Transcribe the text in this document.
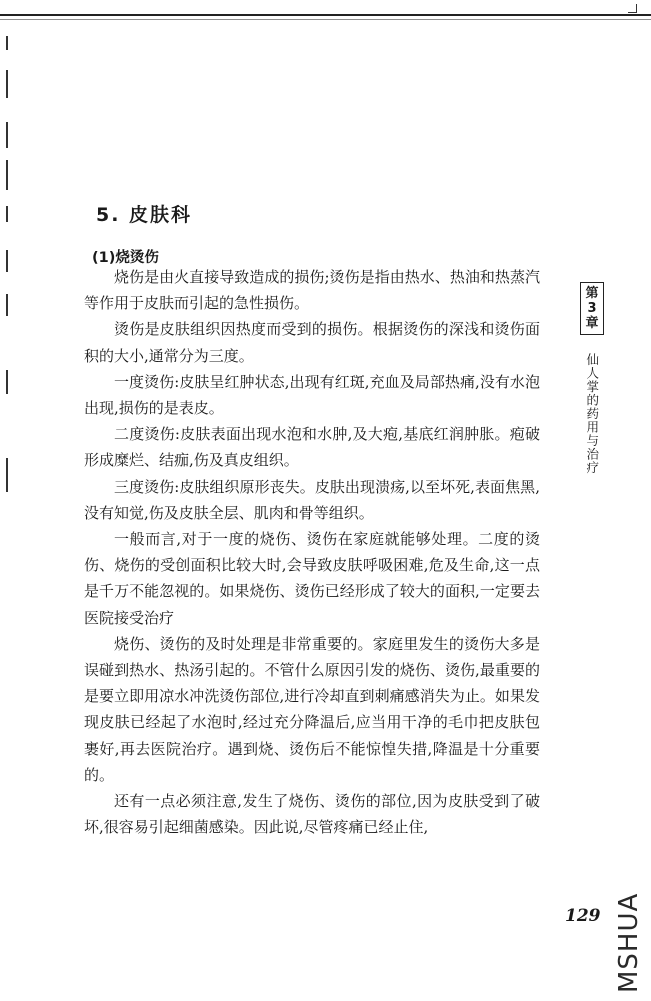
5. 皮肤科
(1)烧烫伤

烧伤是由火直接导致造成的损伤;烫伤是指由热水、热油和热蒸汽等作用于皮肤而引起的急性损伤。

烫伤是皮肤组织因热度而受到的损伤。根据烫伤的深浅和烫伤面积的大小,通常分为三度。

一度烫伤:皮肤呈红肿状态,出现有红斑,充血及局部热痛,没有水泡出现,损伤的是表皮。

二度烫伤:皮肤表面出现水泡和水肿,及大疱,基底红润肿胀。疱破形成糜烂、结痂,伤及真皮组织。

三度烫伤:皮肤组织原形丧失。皮肤出现溃疡,以至坏死,表面焦黑,没有知觉,伤及皮肤全层、肌肉和骨等组织。

一般而言,对于一度的烧伤、烫伤在家庭就能够处理。二度的烫伤、烧伤的受创面积比较大时,会导致皮肤呼吸困难,危及生命,这一点是千万不能忽视的。如果烧伤、烫伤已经形成了较大的面积,一定要去医院接受治疗

烧伤、烫伤的及时处理是非常重要的。家庭里发生的烫伤大多是误碰到热水、热汤引起的。不管什么原因引发的烧伤、烫伤,最重要的是要立即用凉水冲洗烫伤部位,进行冷却直到刺痛感消失为止。如果发现皮肤已经起了水泡时,经过充分降温后,应当用干净的毛巾把皮肤包裹好,再去医院治疗。遇到烧、烫伤后不能惊惶失措,降温是十分重要的。

还有一点必须注意,发生了烧伤、烫伤的部位,因为皮肤受到了破坏,很容易引起细菌感染。因此说,尽管疼痛已经止住,

第
3
章
仙人掌的药用与治疗
129 MSHUA
